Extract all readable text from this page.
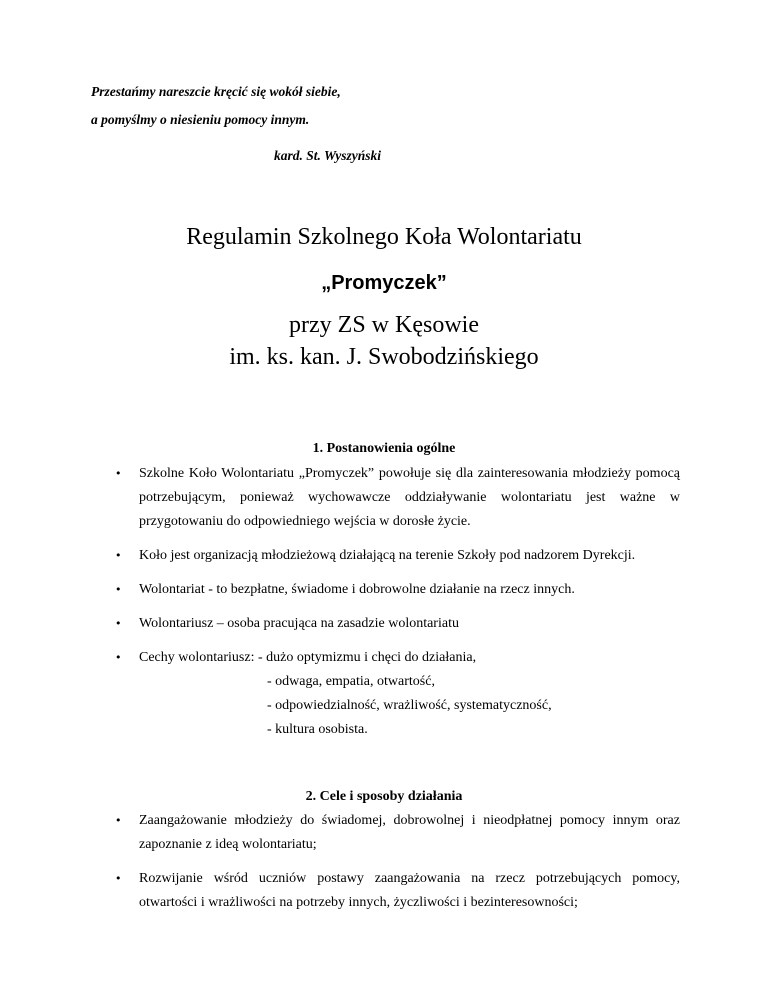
Przestańmy nareszcie kręcić się wokół siebie,
a pomyślmy o niesieniu pomocy innym.
kard. St. Wyszyński
Regulamin Szkolnego Koła Wolontariatu
„Promyczek”
przy ZS w Kęsowie
im. ks. kan. J. Swobodzińskiego
1. Postanowienia ogólne
• Szkolne Koło Wolontariatu „Promyczek” powołuje się dla zainteresowania młodzieży pomocą potrzebującym, ponieważ wychowawcze oddziaływanie wolontariatu jest ważne w przygotowaniu do odpowiedniego wejścia w dorosłe życie.
• Koło jest organizacją młodzieżową działającą na terenie Szkoły pod nadzorem Dyrekcji.
• Wolontariat - to bezpłatne, świadome i dobrowolne działanie na rzecz innych.
• Wolontariusz – osoba pracująca na zasadzie wolontariatu
• Cechy wolontariusz: - dużo optymizmu i chęci do działania,
- odwaga, empatia, otwartość,
- odpowiedzialność, wrażliwość, systematyczność,
- kultura osobista.
2. Cele i sposoby działania
• Zaangażowanie młodzieży do świadomej, dobrowolnej i nieodpłatnej pomocy innym oraz zapoznanie z ideą wolontariatu;
• Rozwijanie wśród uczniów postawy zaangażowania na rzecz potrzebujących pomocy, otwartości i wrażliwości na potrzeby innych, życzliwości i bezinteresowności;
